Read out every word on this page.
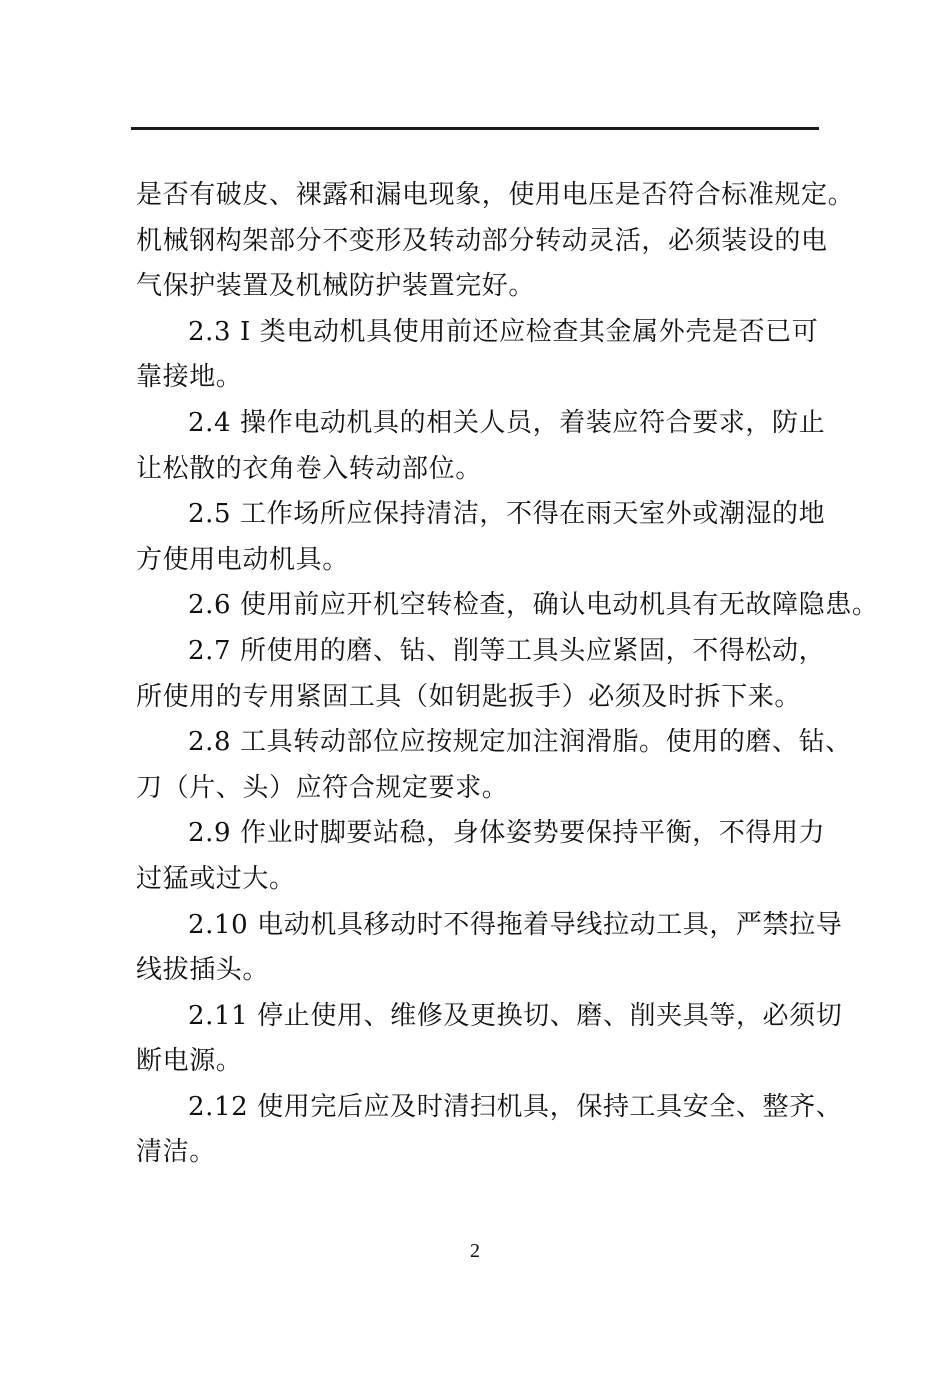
是否有破皮、裸露和漏电现象，使用电压是否符合标准规定。
机械钢构架部分不变形及转动部分转动灵活，必须装设的电
气保护装置及机械防护装置完好。
2.3 I 类电动机具使用前还应检查其金属外壳是否已可
靠接地。
2.4 操作电动机具的相关人员，着装应符合要求，防止
让松散的衣角卷入转动部位。
2.5 工作场所应保持清洁，不得在雨天室外或潮湿的地
方使用电动机具。
2.6 使用前应开机空转检查，确认电动机具有无故障隐患。
2.7 所使用的磨、钻、削等工具头应紧固，不得松动，
所使用的专用紧固工具（如钥匙扳手）必须及时拆下来。
2.8 工具转动部位应按规定加注润滑脂。使用的磨、钻、
刀（片、头）应符合规定要求。
2.9 作业时脚要站稳，身体姿势要保持平衡，不得用力
过猛或过大。
2.10 电动机具移动时不得拖着导线拉动工具，严禁拉导
线拔插头。
2.11 停止使用、维修及更换切、磨、削夹具等，必须切
断电源。
2.12 使用完后应及时清扫机具，保持工具安全、整齐、
清洁。
2
